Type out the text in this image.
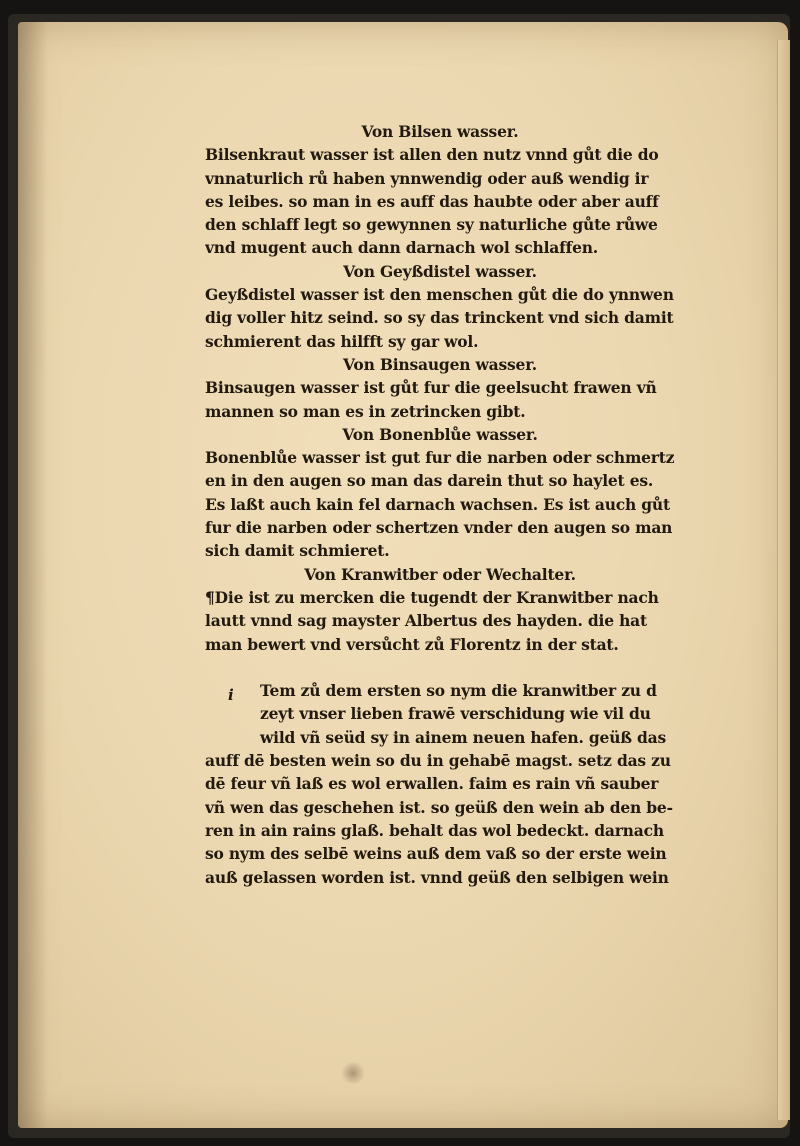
Von Bilsen wasser.
Bilsenkraut wasser ist allen den nutz vnnd gůt die do
vnnaturlich rů haben ynnwendig oder auß wendig ir
es leibes. so man in es auff das haubte oder aber auff
den schlaff legt so gewynnen sy naturliche gůte růwe
vnd mugent auch dann darnach wol schlaffen.
Von Geyßdistel wasser.
Geyßdistel wasser ist den menschen gůt die do ynnwen
dig voller hitz seind. so sy das trinckent vnd sich damit
schmierent das hilfft sy gar wol.
Von Binsaugen wasser.
Binsaugen wasser ist gůt fur die geelsucht frawen vñ
mannen so man es in zetrincken gibt.
Von Bonenblůe wasser.
Bonenblůe wasser ist gut fur die narben oder schmertz
en in den augen so man das darein thut so haylet es.
Es laßt auch kain fel darnach wachsen. Es ist auch gůt
fur die narben oder schertzen vnder den augen so man
sich damit schmieret.
Von Kranwitber oder Wechalter.
¶Die ist zu mercken die tugendt der Kranwitber nach
lautt vnnd sag mayster Albertus des hayden. die hat
man bewert vnd versůcht zů Florentz in der stat.

Tem zů dem ersten so nym die kranwitber zu d
zeyt vnser lieben frawē verschidung wie vil du
wild vñ seüd sy in ainem neuen hafen. geüß das
auff dē besten wein so du in gehabē magst. setz das zu
dē feur vñ laß es wol erwallen. faim es rain vñ sauber
vñ wen das geschehen ist. so geüß den wein ab den be-
ren in ain rains glaß. behalt das wol bedeckt. darnach
so nym des selbē weins auß dem vaß so der erste wein
auß gelassen worden ist. vnnd geüß den selbigen wein
i
